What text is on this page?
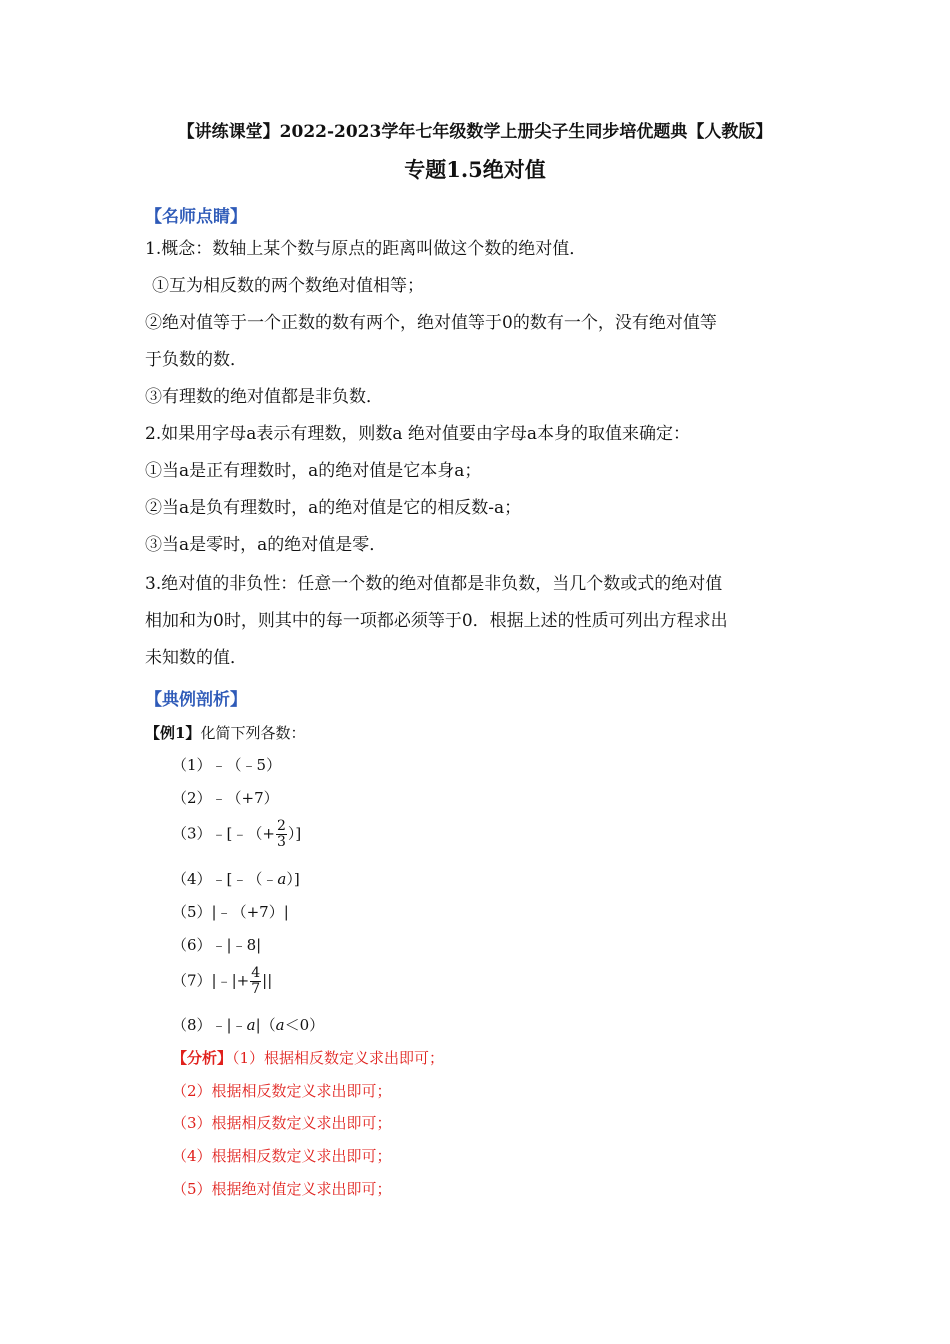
【讲练课堂】2022-2023学年七年级数学上册尖子生同步培优题典【人教版】
专题1.5绝对值
【名师点睛】
1.概念：数轴上某个数与原点的距离叫做这个数的绝对值．
①互为相反数的两个数绝对值相等；
②绝对值等于一个正数的数有两个，绝对值等于0的数有一个，没有绝对值等
于负数的数．
③有理数的绝对值都是非负数．
2.如果用字母a表示有理数，则数a 绝对值要由字母a本身的取值来确定：
①当a是正有理数时，a的绝对值是它本身a；
②当a是负有理数时，a的绝对值是它的相反数-a；
③当a是零时，a的绝对值是零．
3.绝对值的非负性：任意一个数的绝对值都是非负数，当几个数或式的绝对值
相加和为0时，则其中的每一项都必须等于0．根据上述的性质可列出方程求出
未知数的值．
【典例剖析】
【例1】化简下列各数：
（1）﹣（﹣5）
（2）﹣（+7）
（3）﹣[﹣（+ $\frac{2}{3}$ ）]
（4）﹣[﹣（﹣a）]
（5）|﹣（+7）|
（6）﹣|﹣8|
（7）|﹣|+ $\frac{4}{7}$ ||
（8）﹣|﹣a|（a＜0）
【分析】（1）根据相反数定义求出即可；
（2）根据相反数定义求出即可；
（3）根据相反数定义求出即可；
（4）根据相反数定义求出即可；
（5）根据绝对值定义求出即可；
